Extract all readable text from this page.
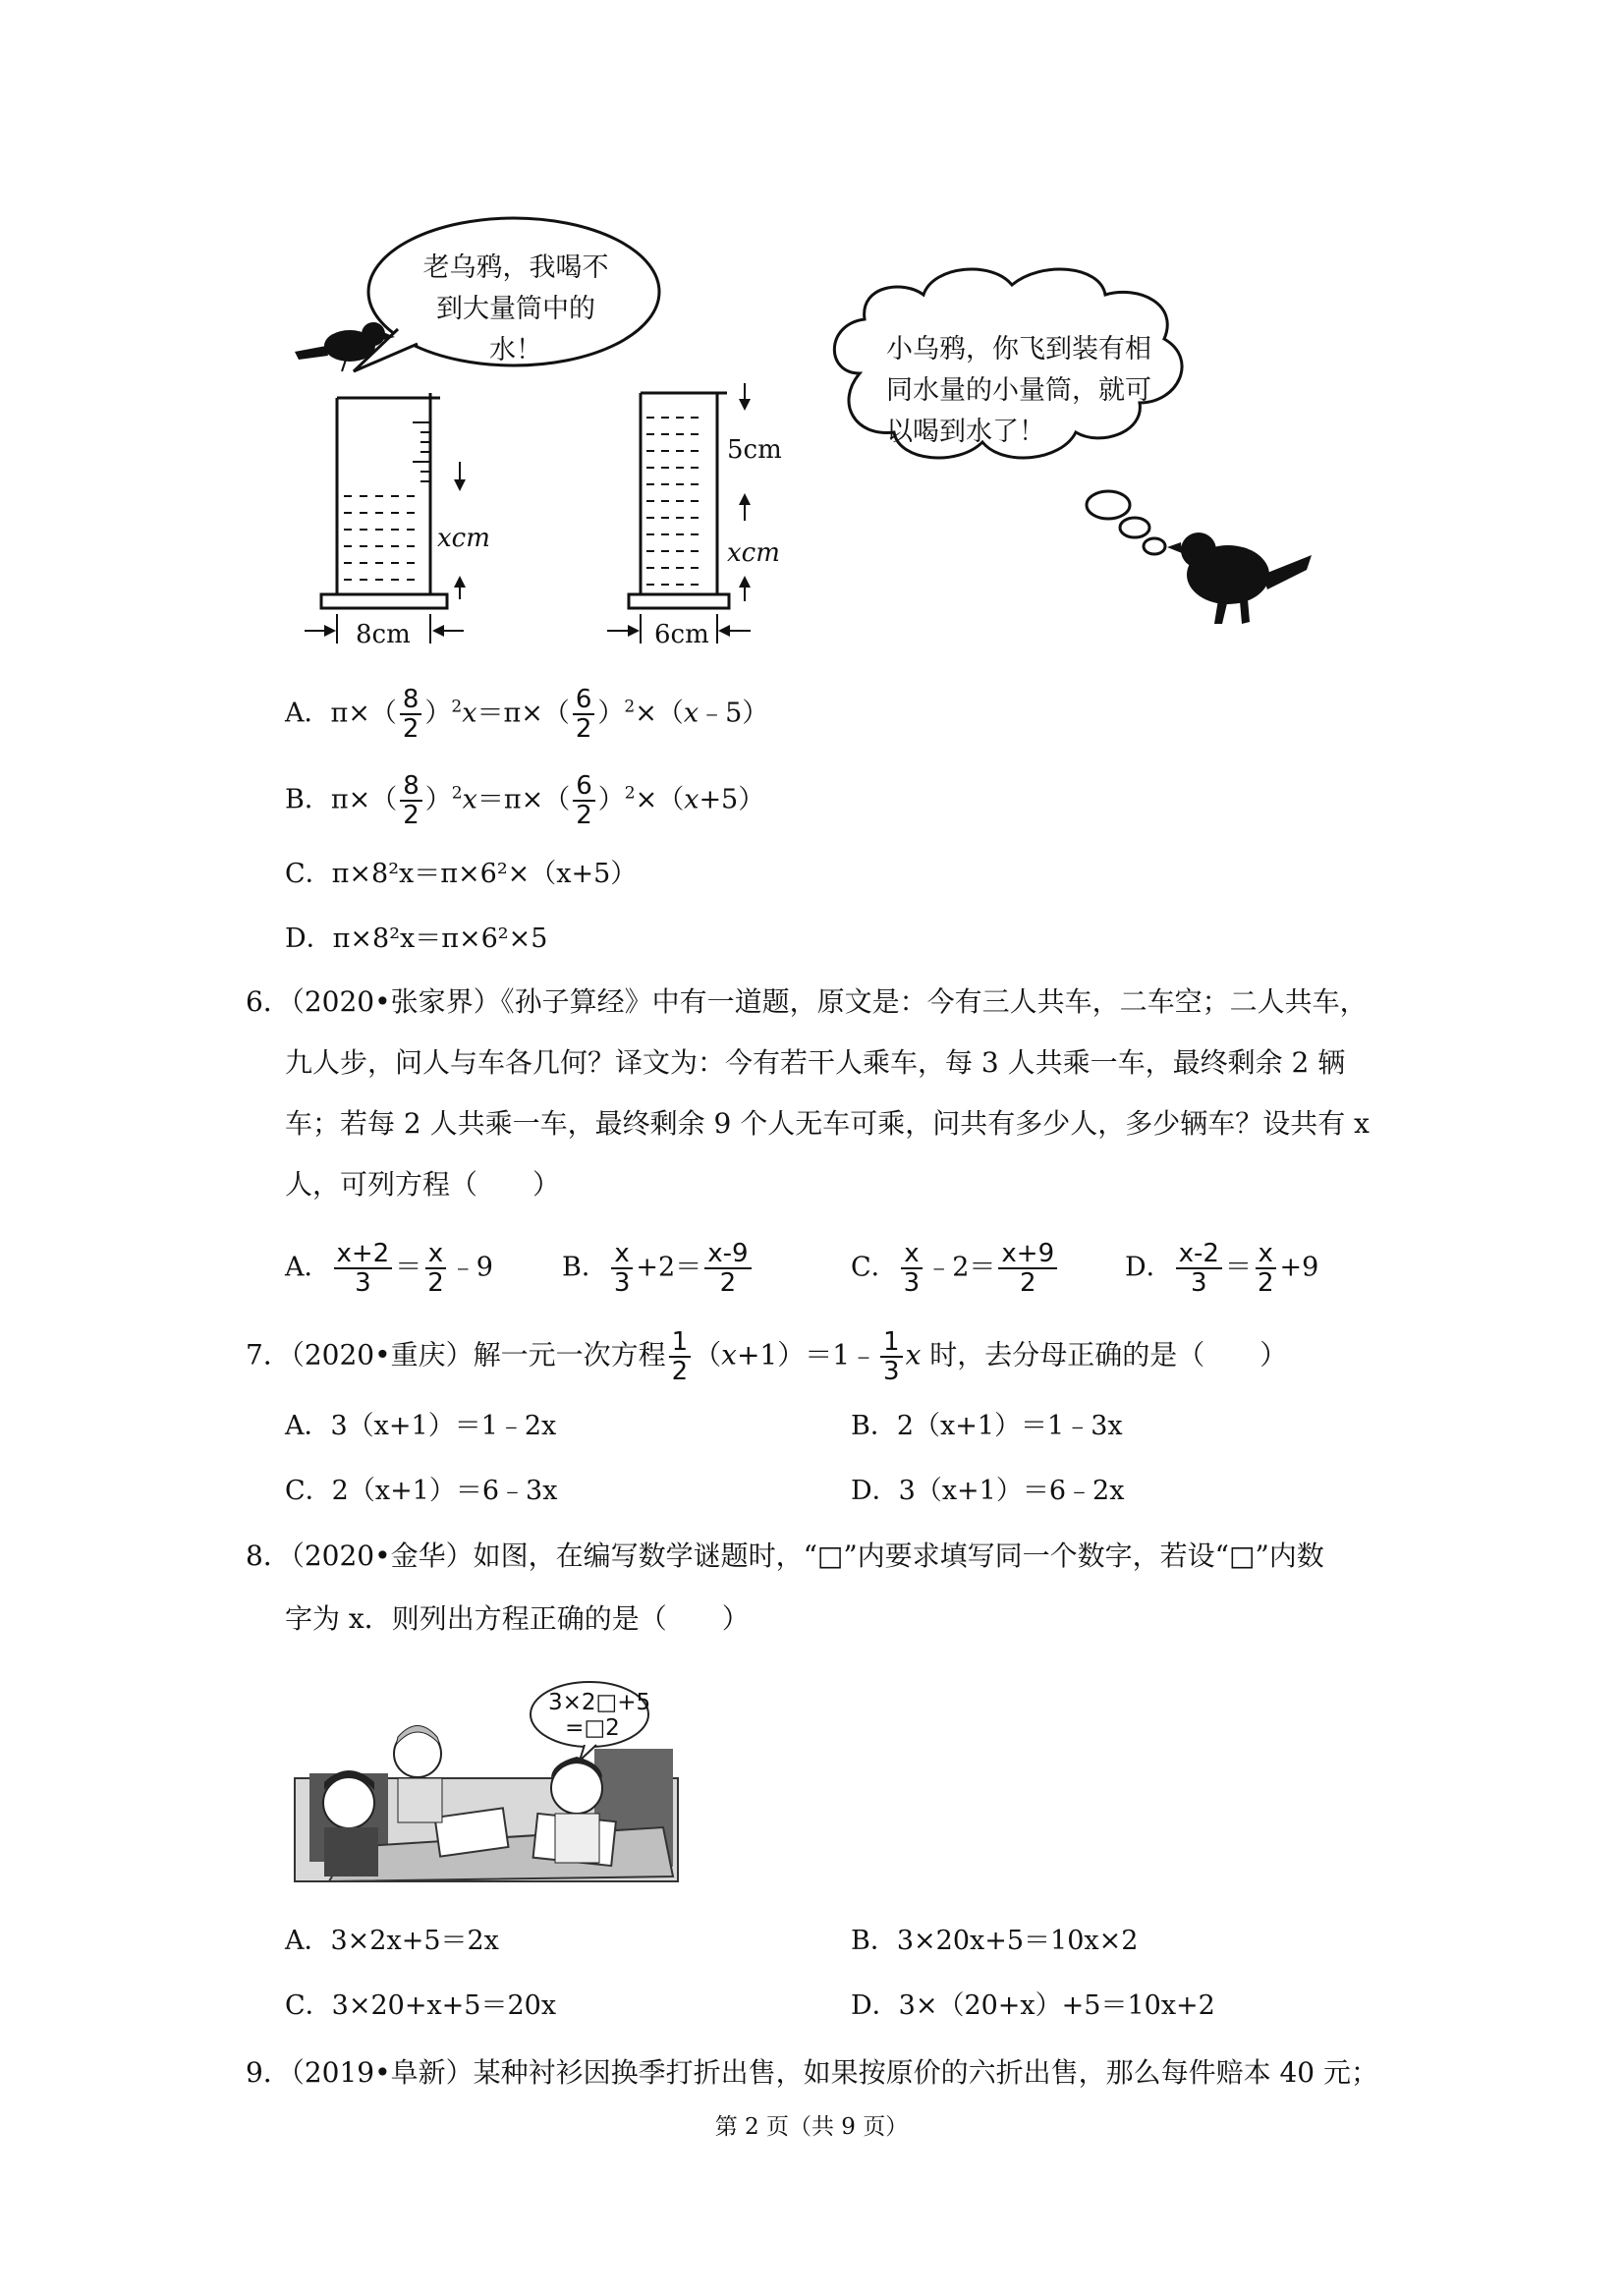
老乌鸦，我喝不
到大量筒中的水！	小乌鸦，你飞到装有相
同水量的小量筒，就可
以喝到水了！
xcm
8cm
5cm
xcm
6cm
A．$\pi\times( \frac{8}{2} )^2x=\pi\times( \frac{6}{2}$ ）$^2\times(x﹣5)$
B．$\pi\times( \frac{8}{2} )^2x=\pi\times( \frac{6}{2} )^2\times(x+5)$
C．π×8²x＝π×6²×（x+5）
D．π×8²x＝π×6²×5
6．（2020•张家界）《孙子算经》中有一道题，原文是：今有三人共车，二车空；二人共车，
九人步，问人与车各几何？译文为：今有若干人乘车，每 3 人共乘一车，最终剩余 2 辆
车；若每 2 人共乘一车，最终剩余 9 个人无车可乘，问共有多少人，多少辆车？设共有 x
人，可列方程（　　）
A． $\frac{x+2}{3} = \frac{x}{2}$ ﹣9	B． $\frac{x}{3} +2= \frac{x-9}{2}$	C． $\frac{x}{3}$ ﹣2＝ $\frac{x+9}{2}$	D． $\frac{x-2}{3} = \frac{x}{2} +9$
7．（2020•重庆）解一元一次方程 $\frac{1}{2}$ （x+1）＝1﹣ $\frac{1}{3}$ x 时，去分母正确的是（　　）
A．3（x+1）＝1﹣2x	B．2（x+1）＝1﹣3x
C．2（x+1）＝6﹣3x	D．3（x+1）＝6﹣2x
8．（2020•金华）如图，在编写数学谜题时，“□”内要求填写同一个数字，若设“□”内数
字为 x．则列出方程正确的是（　　）
3×2□+5
=□2
A．3×2x+5＝2x	B．3×20x+5＝10x×2
C．3×20+x+5＝20x	D．3×（20+x）+5＝10x+2
9．（2019•阜新）某种衬衫因换季打折出售，如果按原价的六折出售，那么每件赔本 40 元；
第 2 页（共 9 页）
